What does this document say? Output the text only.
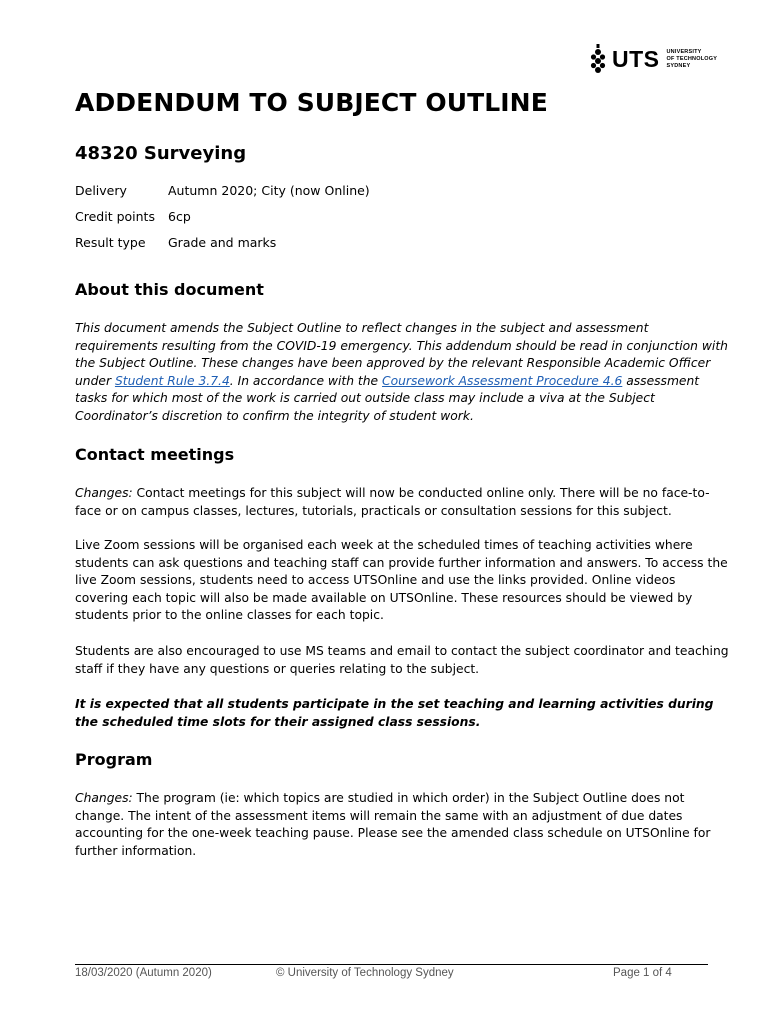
UTS UNIVERSITY
OF TECHNOLOGY
SYDNEY
ADDENDUM TO SUBJECT OUTLINE
48320 Surveying
Delivery	Autumn 2020; City (now Online)
Credit points	6cp
Result type	Grade and marks
About this document

This document amends the Subject Outline to reflect changes in the subject and assessment requirements resulting from the COVID-19 emergency. This addendum should be read in conjunction with the Subject Outline. These changes have been approved by the relevant Responsible Academic Officer under Student Rule 3.7.4. In accordance with the Coursework Assessment Procedure 4.6 assessment tasks for which most of the work is carried out outside class may include a viva at the Subject Coordinator’s discretion to confirm the integrity of student work.

Contact meetings

Changes: Contact meetings for this subject will now be conducted online only. There will be no face-to-face or on campus classes, lectures, tutorials, practicals or consultation sessions for this subject.

Live Zoom sessions will be organised each week at the scheduled times of teaching activities where students can ask questions and teaching staff can provide further information and answers. To access the live Zoom sessions, students need to access UTSOnline and use the links provided. Online videos covering each topic will also be made available on UTSOnline. These resources should be viewed by students prior to the online classes for each topic.

Students are also encouraged to use MS teams and email to contact the subject coordinator and teaching staff if they have any questions or queries relating to the subject.

It is expected that all students participate in the set teaching and learning activities during the scheduled time slots for their assigned class sessions.

Program

Changes: The program (ie: which topics are studied in which order) in the Subject Outline does not change. The intent of the assessment items will remain the same with an adjustment of due dates accounting for the one-week teaching pause. Please see the amended class schedule on UTSOnline for further information.

18/03/2020 (Autumn 2020)	© University of Technology Sydney	Page 1 of 4
